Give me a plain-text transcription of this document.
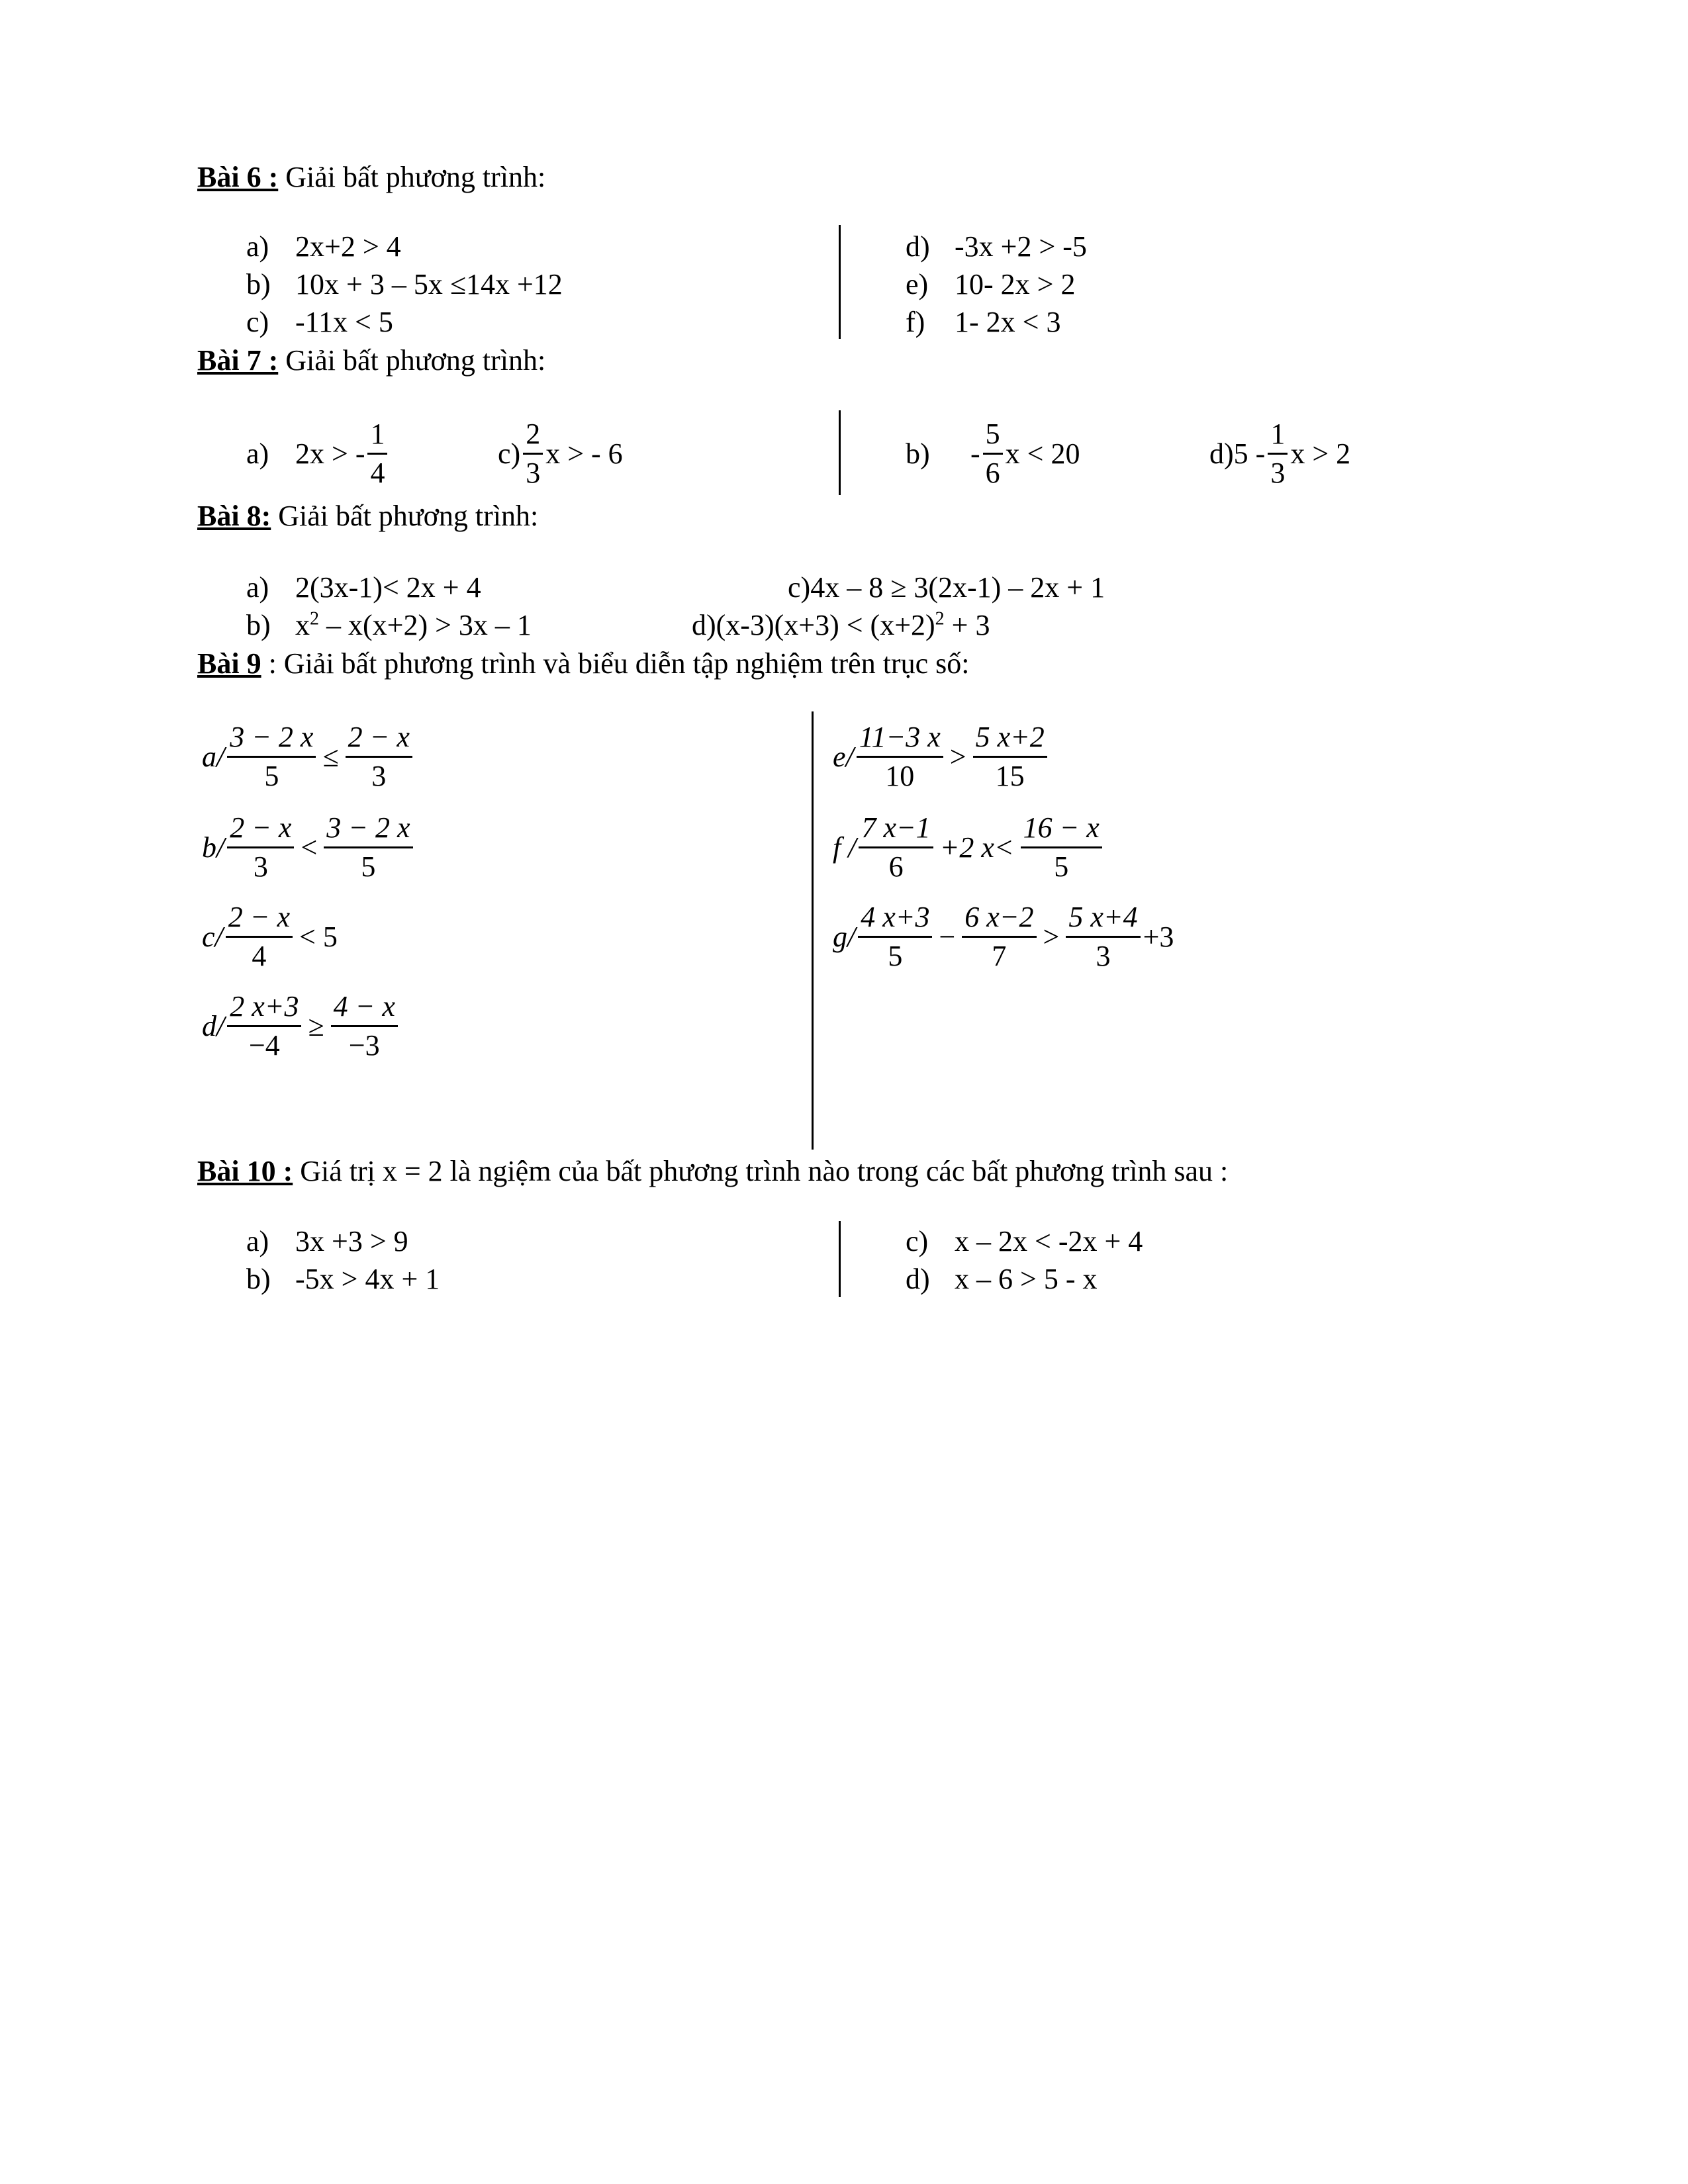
Bài 6 : Giải bất phương trình:
a) 2x+2 > 4
b) 10x + 3 – 5x ≤14x +12
c) -11x < 5
d) -3x +2 > -5
e) 10- 2x > 2
f) 1- 2x < 3
Bài 7 : Giải bất phương trình:
a) 2x > - $\frac{1}{4}$	$c) \frac{2}{3}$ x > - 6	b)	- $\frac{5}{6}$ x < 20	d) $5 - \frac{1}{3}$ x > 2
Bài 8: Giải bất phương trình:
a) 2(3x-1)< 2x + 4
b) $x^2 - x(x+2) > 3x - 1$
c)4x – 8 ≥ 3(2x-1) – 2x + 1
$d)(x-3)(x+3) < (x+2)^2 + 3$
Bài 9 : Giải bất phương trình và biểu diễn tập nghiệm trên trục số:
$a/ \frac{3 - 2 x}{5} \le \frac{2 - x}{3}$
$b/ \frac{2 - x}{3} < \frac{3 - 2 x}{5}$
$c/ \frac{2 - x}{4} < 5$
$d/ \frac{2 x+3}{-4} \ge \frac{4 - x}{-3}$
$e/ \frac{11-3 x}{10} > \frac{5 x+2}{15}$
$f / \frac{7 x-1}{6} +2$ $x< \frac{16 - x}{5}$
$g/ \frac{4 x+3}{5} - \frac{6 x-2}{7} > \frac{5 x+4}{3} +3$
Bài 10 : Giá trị x = 2 là ngiệm của bất phương trình nào trong các bất phương trình sau :
a) 3x +3 > 9
b) -5x > 4x + 1
c) x – 2x < -2x + 4
d) x – 6 > 5 - x
